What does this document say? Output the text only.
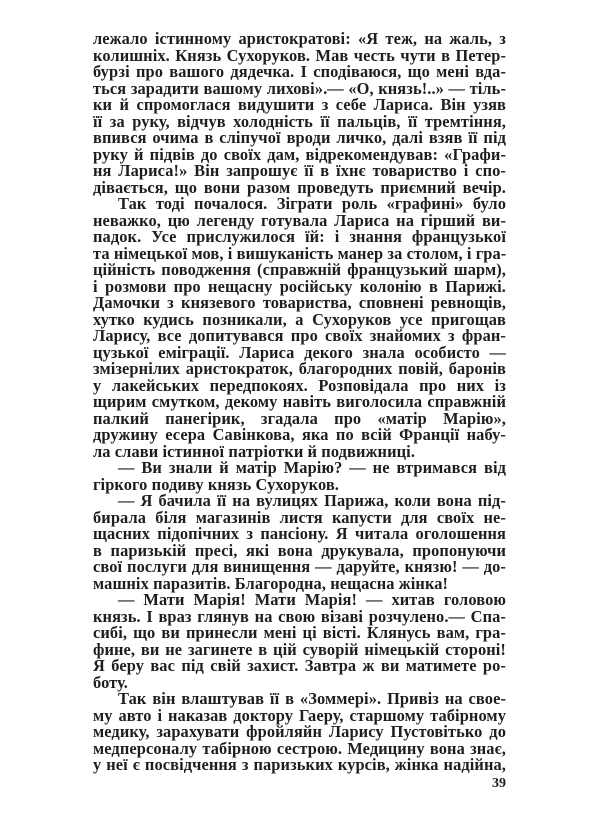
лежало істинному аристократові: «Я теж, на жаль, з
колишніх. Князь Сухоруков. Мав честь чути в Петер-
бурзі про вашого дядечка. І сподіваюся, що мені вда-
ться зарадити вашому лихові».— «О, князь!..» — тіль-
ки й спромоглася видушити з себе Лариса. Він узяв
її за руку, відчув холодність її пальців, її тремтіння,
впився очима в сліпучої вроди личко, далі взяв її під
руку й підвів до своїх дам, відрекомендував: «Графи-
ня Лариса!» Він запрошує її в їхнє товариство і спо-
дівається, що вони разом проведуть приємний вечір.
Так тоді почалося. Зіграти роль «графині» було
неважко, цю легенду готувала Лариса на гірший ви-
падок. Усе прислужилося їй: і знання французької
та німецької мов, і вишуканість манер за столом, і гра-
ційність поводження (справжній французький шарм),
і розмови про нещасну російську колонію в Парижі.
Дамочки з князевого товариства, сповнені ревнощів,
хутко кудись позникали, а Сухоруков усе пригощав
Ларису, все допитувався про своїх знайомих з фран-
цузької еміграції. Лариса декого знала особисто —
змізернілих аристократок, благородних повій, баронів
у лакейських передпокоях. Розповідала про них із
щирим смутком, декому навіть виголосила справжній
палкий панегірик, згадала про «матір Марію»,
дружину есера Савінкова, яка по всій Франції набу-
ла слави істинної патріотки й подвижниці.
— Ви знали й матір Марію? — не втримався від
гіркого подиву князь Сухоруков.
— Я бачила її на вулицях Парижа, коли вона під-
бирала біля магазинів листя капусти для своїх не-
щасних підопічних з пансіону. Я читала оголошення
в паризькій пресі, які вона друкувала, пропонуючи
свої послуги для винищення — даруйте, князю! — до-
машніх паразитів. Благородна, нещасна жінка!
— Мати Марія! Мати Марія! — хитав головою
князь. І враз глянув на свою візаві розчулено.— Спа-
сибі, що ви принесли мені ці вісті. Клянусь вам, гра-
фине, ви не загинете в цій суворій німецькій стороні!
Я беру вас під свій захист. Завтра ж ви матимете ро-
боту.
Так він влаштував її в «Зоммері». Привіз на свое-
му авто і наказав доктору Гаеру, старшому табірному
медику, зарахувати фройляйн Ларису Пустовітько до
медперсоналу табірною сестрою. Медицину вона знає,
у неї є посвідчення з паризьких курсів, жінка надійна,
39
